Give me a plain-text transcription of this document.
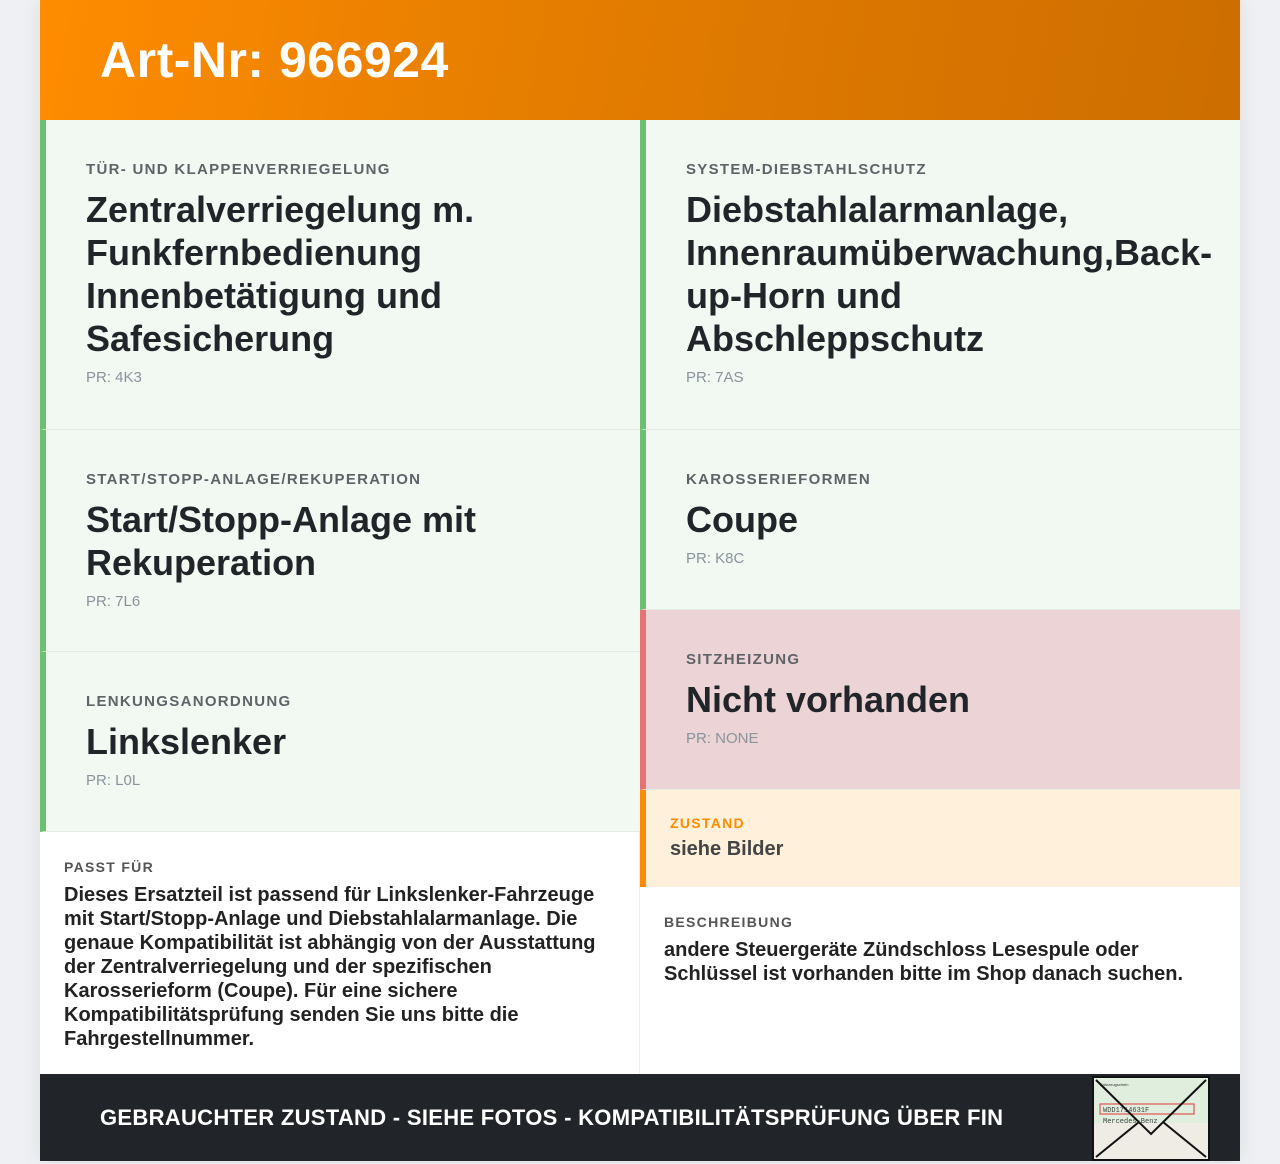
Art-Nr: 966924
TÜR- UND KLAPPENVERRIEGELUNG
Zentralverriegelung m. Funkfernbedienung Innenbetätigung und Safesicherung
PR: 4K3
START/STOPP-ANLAGE/REKUPERATION
Start/Stopp-Anlage mit Rekuperation
PR: 7L6
LENKUNGSANORDNUNG
Linkslenker
PR: L0L
PASST FÜR
Dieses Ersatzteil ist passend für Linkslenker-Fahrzeuge mit Start/Stopp-Anlage und Diebstahlalarmanlage. Die genaue Kompatibilität ist abhängig von der Ausstattung der Zentralverriegelung und der spezifischen Karosserieform (Coupe). Für eine sichere Kompatibilitätsprüfung senden Sie uns bitte die Fahrgestellnummer.
SYSTEM-DIEBSTAHLSCHUTZ
Diebstahlalarmanlage, Innenraumüberwachung,Back-up-Horn und Abschleppschutz
PR: 7AS
KAROSSERIEFORMEN
Coupe
PR: K8C
SITZHEIZUNG
Nicht vorhanden
PR: NONE
ZUSTAND
siehe Bilder
BESCHREIBUNG
andere Steuergeräte Zündschloss Lesespule oder Schlüssel ist vorhanden bitte im Shop danach suchen.
GEBRAUCHTER ZUSTAND - SIEHE FOTOS - KOMPATIBILITÄTSPRÜFUNG ÜBER FIN
Fahrzeugschein
WDD1714631F
Mercedes-Benz
